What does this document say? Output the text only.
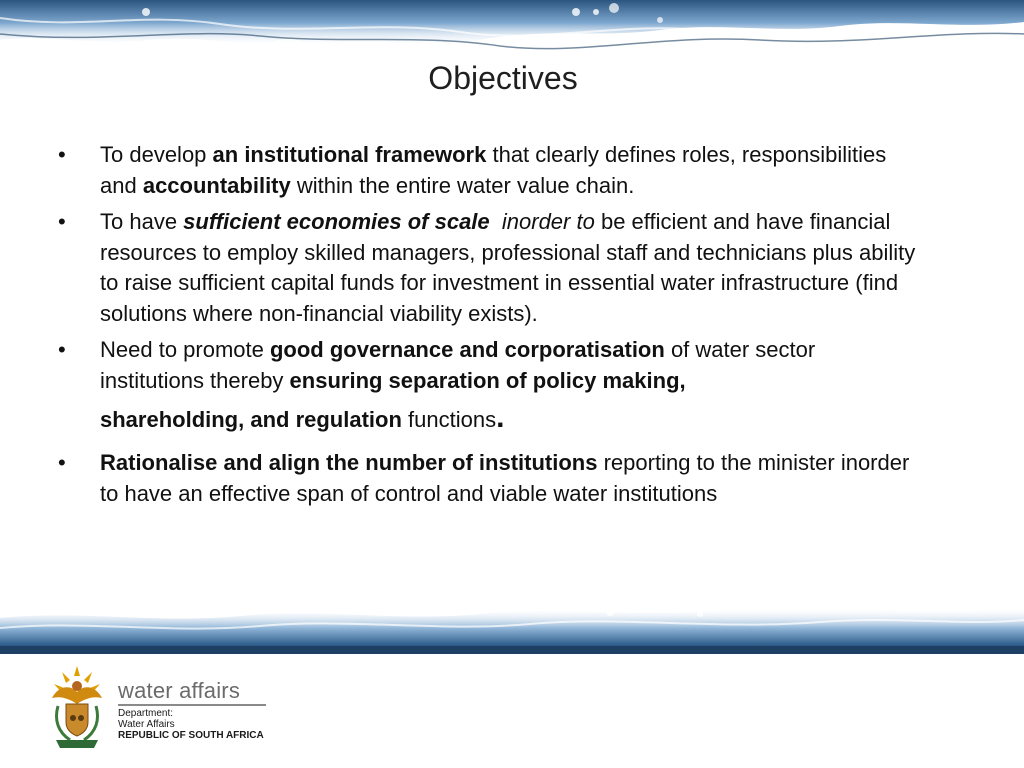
Objectives
•	To develop an institutional framework that clearly defines roles, responsibilities and accountability within the entire water value chain.
•	To have sufficient economies of scale inorder to be efficient and have financial resources to employ skilled managers, professional staff and technicians plus ability to raise sufficient capital funds for investment in essential water infrastructure (find solutions where non-financial viability exists).
•	Need to promote good governance and corporatisation of water sector institutions thereby ensuring separation of policy making,
shareholding, and regulation functions.
•	Rationalise and align the number of institutions reporting to the minister inorder to have an effective span of control and viable water institutions
water affairs
Department:
Water Affairs
REPUBLIC OF SOUTH AFRICA
